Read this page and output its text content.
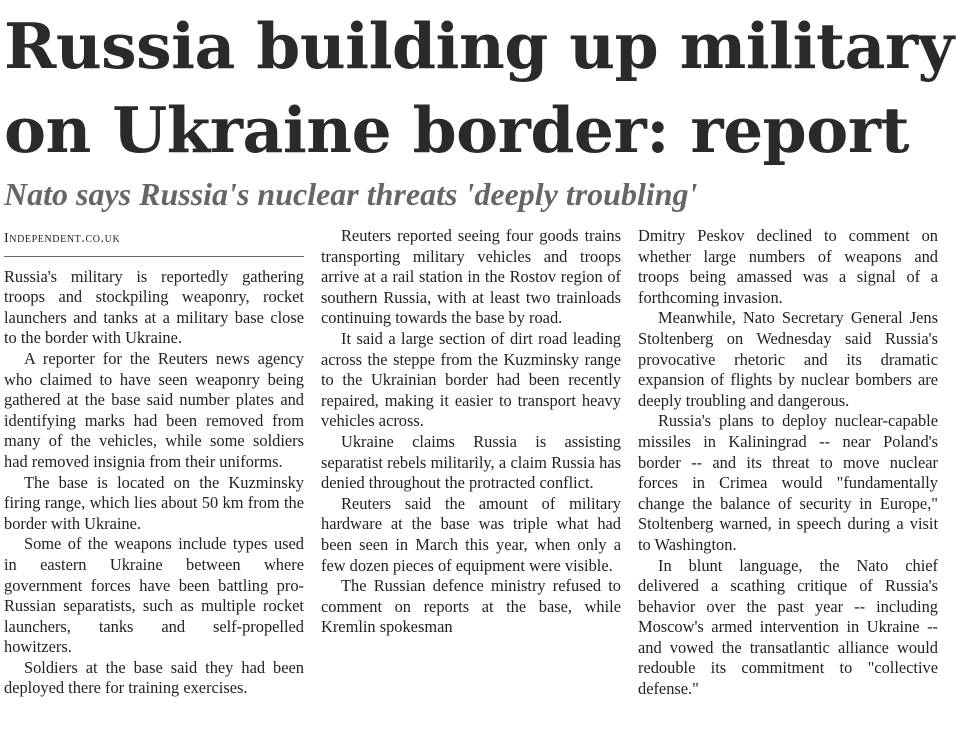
Russia building up military
on Ukraine border: report
Nato says Russia's nuclear threats 'deeply troubling'
Independent.co.uk

Russia's military is reportedly gathering troops and stockpiling weaponry, rocket launchers and tanks at a military base close to the border with Ukraine.

A reporter for the Reuters news agency who claimed to have seen weaponry being gathered at the base said number plates and identifying marks had been removed from many of the vehicles, while some soldiers had removed insignia from their uniforms.

The base is located on the Kuzminsky firing range, which lies about 50 km from the border with Ukraine.

Some of the weapons include types used in eastern Ukraine between where government forces have been battling pro-Russian separatists, such as multiple rocket launchers, tanks and self-propelled howitzers.

Soldiers at the base said they had been deployed there for training exercises.

Reuters reported seeing four goods trains transporting military vehicles and troops arrive at a rail station in the Rostov region of southern Russia, with at least two trainloads continuing towards the base by road.

It said a large section of dirt road leading across the steppe from the Kuzminsky range to the Ukrainian border had been recently repaired, making it easier to transport heavy vehicles across.

Ukraine claims Russia is assisting separatist rebels militarily, a claim Russia has denied throughout the protracted conflict.

Reuters said the amount of military hardware at the base was triple what had been seen in March this year, when only a few dozen pieces of equipment were visible.

The Russian defence ministry refused to comment on reports at the base, while Kremlin spokesman

Dmitry Peskov declined to comment on whether large numbers of weapons and troops being amassed was a signal of a forthcoming invasion.

Meanwhile, Nato Secretary General Jens Stoltenberg on Wednesday said Russia's provocative rhetoric and its dramatic expansion of flights by nuclear bombers are deeply troubling and dangerous.

Russia's plans to deploy nuclear-capable missiles in Kaliningrad -- near Poland's border -- and its threat to move nuclear forces in Crimea would "fundamentally change the balance of security in Europe," Stoltenberg warned, in speech during a visit to Washington.

In blunt language, the Nato chief delivered a scathing critique of Russia's behavior over the past year -- including Moscow's armed intervention in Ukraine -- and vowed the transatlantic alliance would redouble its commitment to "collective defense."
